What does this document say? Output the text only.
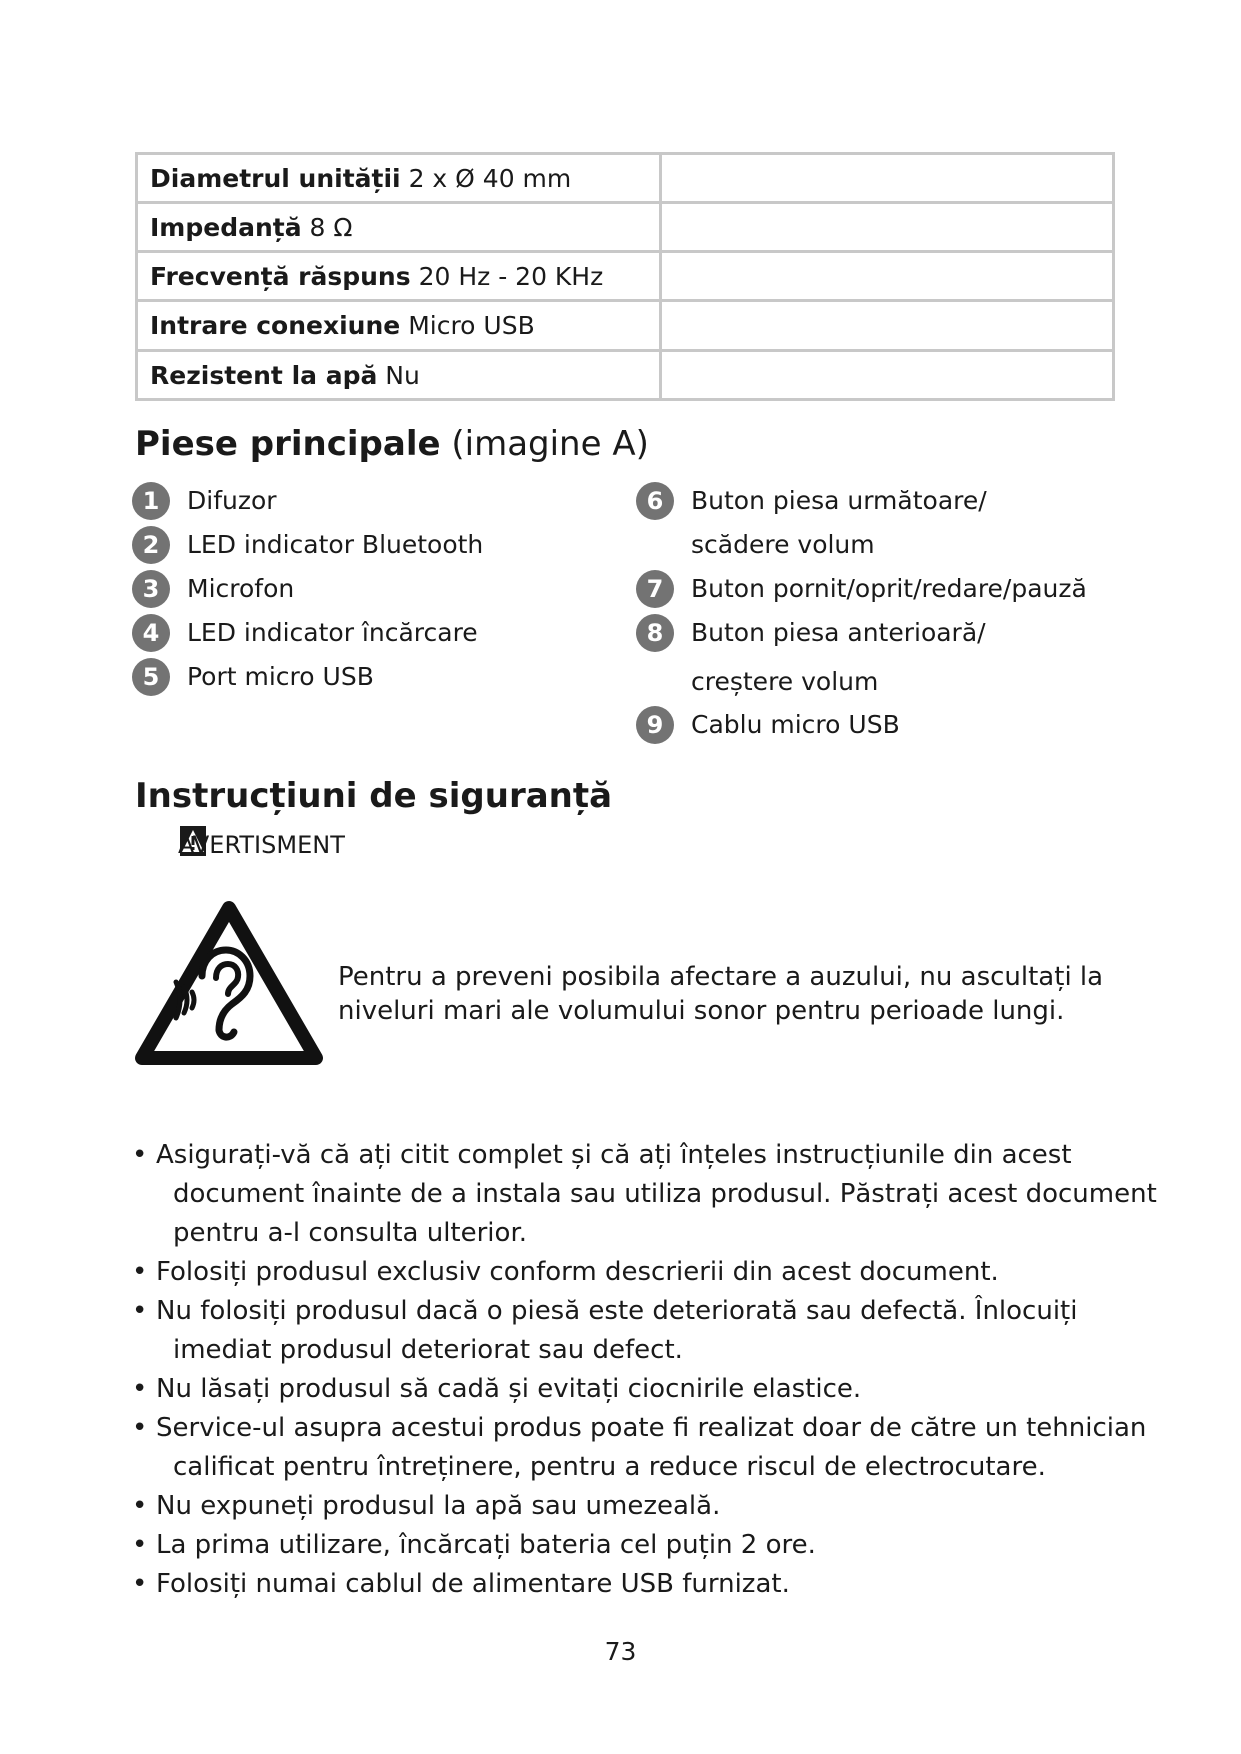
Diametrul unității 2 x Ø 40 mm	
Impedanță 8 Ω	
Frecvență răspuns 20 Hz - 20 KHz	
Intrare conexiune Micro USB	
Rezistent la apă Nu	
Piese principale (imagine A)
1	Difuzor
2	LED indicator Bluetooth
3	Microfon
4	LED indicator încărcare
5	Port micro USB
6	Buton piesa următoare/
scădere volum
7	Buton pornit/oprit/redare/pauză
8	Buton piesa anterioară/
creștere volum
9	Cablu micro USB
Instrucțiuni de siguranță
AVERTISMENT
Pentru a preveni posibila afectare a auzului, nu ascultați la niveluri mari ale volumului sonor pentru perioade lungi.
• Asigurați-vă că ați citit complet și că ați înțeles instrucțiunile din acest
document înainte de a instala sau utiliza produsul. Păstrați acest document
pentru a-l consulta ulterior.
• Folosiți produsul exclusiv conform descrierii din acest document.
• Nu folosiți produsul dacă o piesă este deteriorată sau defectă. Înlocuiți
imediat produsul deteriorat sau defect.
• Nu lăsați produsul să cadă și evitați ciocnirile elastice.
• Service-ul asupra acestui produs poate fi realizat doar de către un tehnician
calificat pentru întreținere, pentru a reduce riscul de electrocutare.
• Nu expuneți produsul la apă sau umezeală.
• La prima utilizare, încărcați bateria cel puțin 2 ore.
• Folosiți numai cablul de alimentare USB furnizat.
73
